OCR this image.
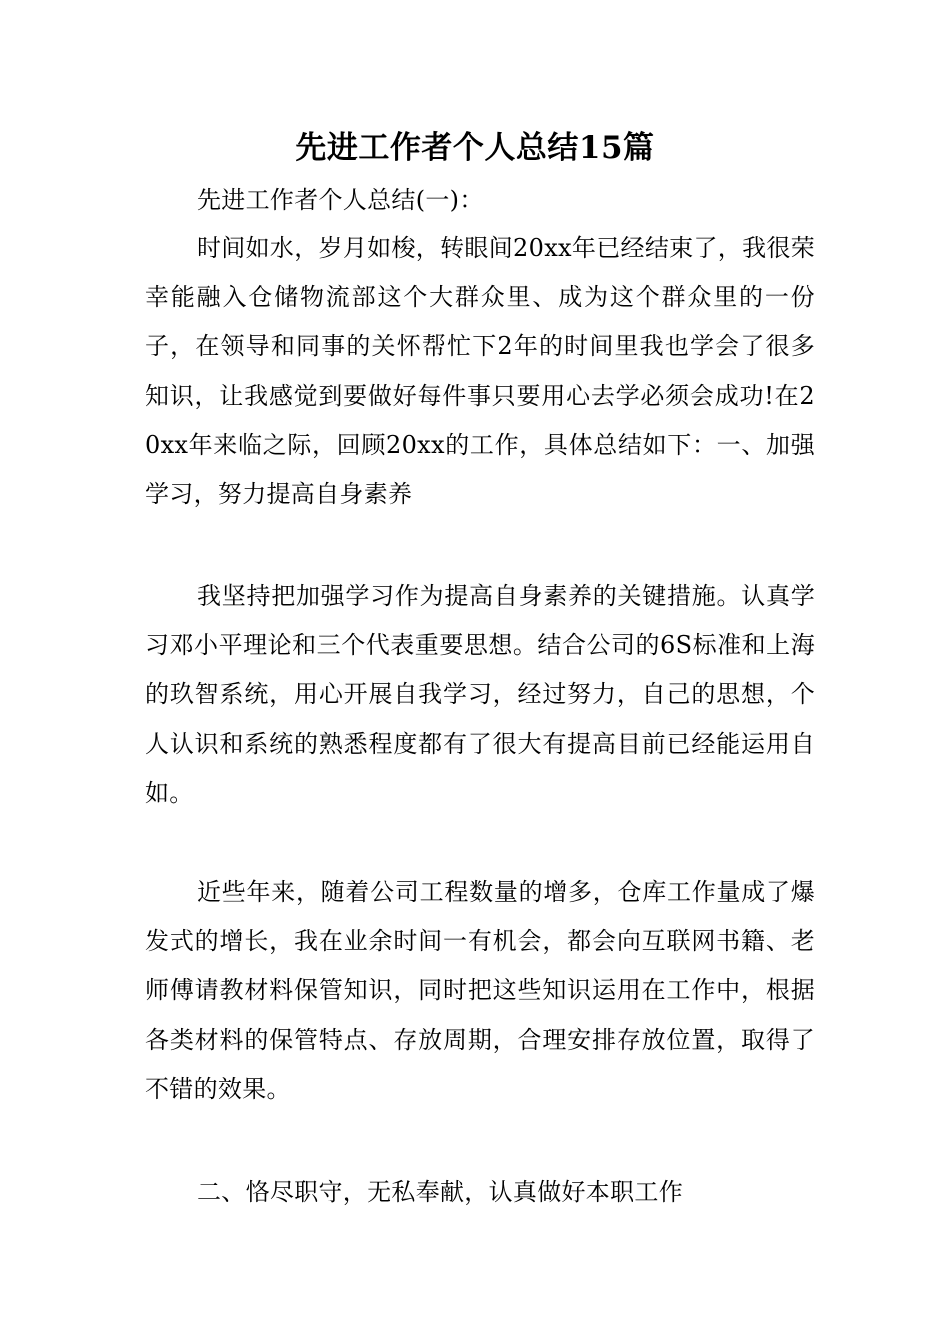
先进工作者个人总结15篇

先进工作者个人总结(一)：

时间如水，岁月如梭，转眼间20xx年已经结束了，我很荣幸能融入仓储物流部这个大群众里、成为这个群众里的一份子，在领导和同事的关怀帮忙下2年的时间里我也学会了很多知识，让我感觉到要做好每件事只要用心去学必须会成功!在20xx年来临之际，回顾20xx的工作，具体总结如下：一、加强学习，努力提高自身素养

我坚持把加强学习作为提高自身素养的关键措施。认真学习邓小平理论和三个代表重要思想。结合公司的6S标准和上海的玖智系统，用心开展自我学习，经过努力，自己的思想，个人认识和系统的熟悉程度都有了很大有提高目前已经能运用自如。

近些年来，随着公司工程数量的增多，仓库工作量成了爆发式的增长，我在业余时间一有机会，都会向互联网书籍、老师傅请教材料保管知识，同时把这些知识运用在工作中，根据各类材料的保管特点、存放周期，合理安排存放位置，取得了不错的效果。

二、恪尽职守，无私奉献，认真做好本职工作
